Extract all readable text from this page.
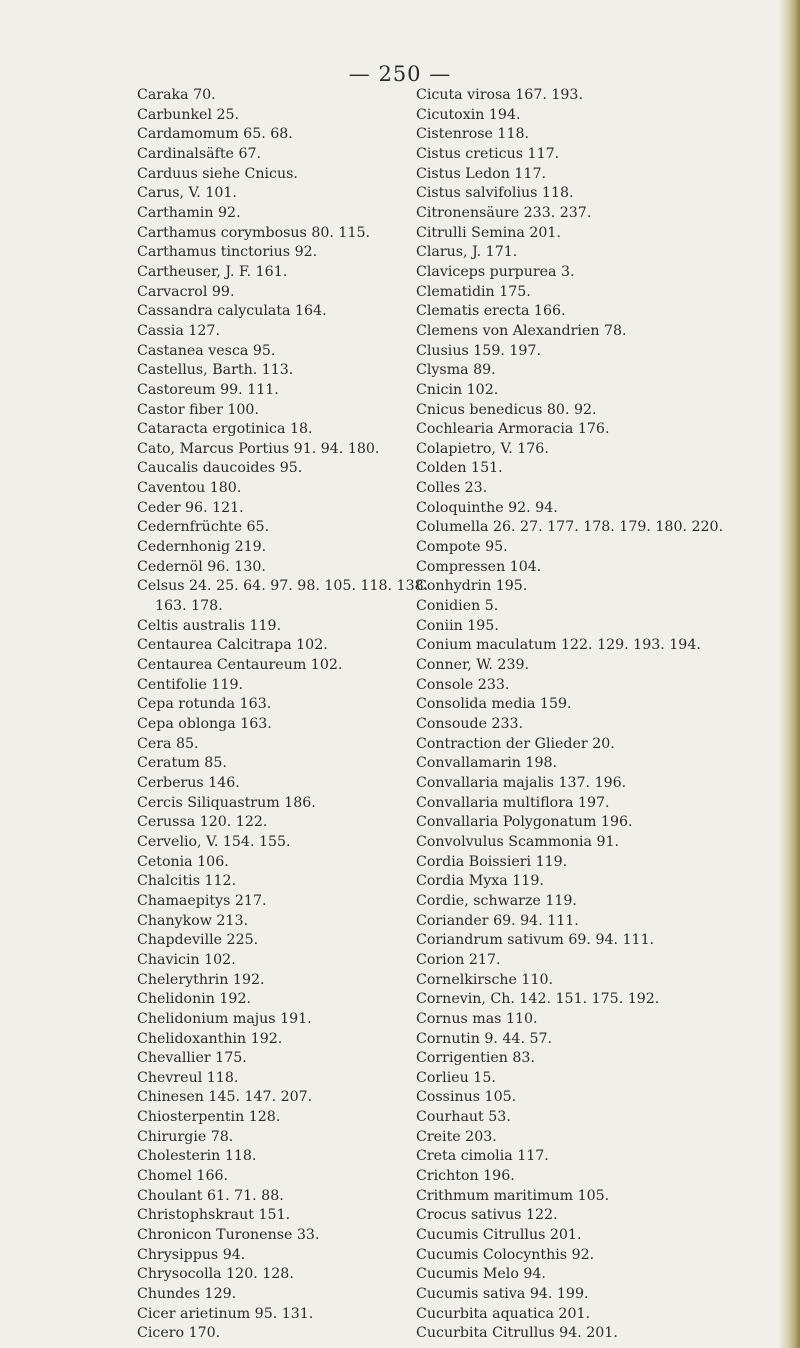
— 250 —
Caraka 70.
Carbunkel 25.
Cardamomum 65. 68.
Cardinalsäfte 67.
Carduus siehe Cnicus.
Carus, V. 101.
Carthamin 92.
Carthamus corymbosus 80. 115.
Carthamus tinctorius 92.
Cartheuser, J. F. 161.
Carvacrol 99.
Cassandra calyculata 164.
Cassia 127.
Castanea vesca 95.
Castellus, Barth. 113.
Castoreum 99. 111.
Castor fiber 100.
Cataracta ergotinica 18.
Cato, Marcus Portius 91. 94. 180.
Caucalis daucoides 95.
Caventou 180.
Ceder 96. 121.
Cedernfrüchte 65.
Cedernhonig 219.
Cedernöl 96. 130.
Celsus 24. 25. 64. 97. 98. 105. 118. 138.
163. 178.
Celtis australis 119.
Centaurea Calcitrapa 102.
Centaurea Centaureum 102.
Centifolie 119.
Cepa rotunda 163.
Cepa oblonga 163.
Cera 85.
Ceratum 85.
Cerberus 146.
Cercis Siliquastrum 186.
Cerussa 120. 122.
Cervelio, V. 154. 155.
Cetonia 106.
Chalcitis 112.
Chamaepitys 217.
Chanykow 213.
Chapdeville 225.
Chavicin 102.
Chelerythrin 192.
Chelidonin 192.
Chelidonium majus 191.
Chelidoxanthin 192.
Chevallier 175.
Chevreul 118.
Chinesen 145. 147. 207.
Chiosterpentin 128.
Chirurgie 78.
Cholesterin 118.
Chomel 166.
Choulant 61. 71. 88.
Christophskraut 151.
Chronicon Turonense 33.
Chrysippus 94.
Chrysocolla 120. 128.
Chundes 129.
Cicer arietinum 95. 131.
Cicero 170.
Cicuta virosa 167. 193.
Cicutoxin 194.
Cistenrose 118.
Cistus creticus 117.
Cistus Ledon 117.
Cistus salvifolius 118.
Citronensäure 233. 237.
Citrulli Semina 201.
Clarus, J. 171.
Claviceps purpurea 3.
Clematidin 175.
Clematis erecta 166.
Clemens von Alexandrien 78.
Clusius 159. 197.
Clysma 89.
Cnicin 102.
Cnicus benedicus 80. 92.
Cochlearia Armoracia 176.
Colapietro, V. 176.
Colden 151.
Colles 23.
Coloquinthe 92. 94.
Columella 26. 27. 177. 178. 179. 180. 220.
Compote 95.
Compressen 104.
Conhydrin 195.
Conidien 5.
Coniin 195.
Conium maculatum 122. 129. 193. 194.
Conner, W. 239.
Console 233.
Consolida media 159.
Consoude 233.
Contraction der Glieder 20.
Convallamarin 198.
Convallaria majalis 137. 196.
Convallaria multiflora 197.
Convallaria Polygonatum 196.
Convolvulus Scammonia 91.
Cordia Boissieri 119.
Cordia Myxa 119.
Cordie, schwarze 119.
Coriander 69. 94. 111.
Coriandrum sativum 69. 94. 111.
Corion 217.
Cornelkirsche 110.
Cornevin, Ch. 142. 151. 175. 192.
Cornus mas 110.
Cornutin 9. 44. 57.
Corrigentien 83.
Corlieu 15.
Cossinus 105.
Courhaut 53.
Creite 203.
Creta cimolia 117.
Crichton 196.
Crithmum maritimum 105.
Crocus sativus 122.
Cucumis Citrullus 201.
Cucumis Colocynthis 92.
Cucumis Melo 94.
Cucumis sativa 94. 199.
Cucurbita aquatica 201.
Cucurbita Citrullus 94. 201.
